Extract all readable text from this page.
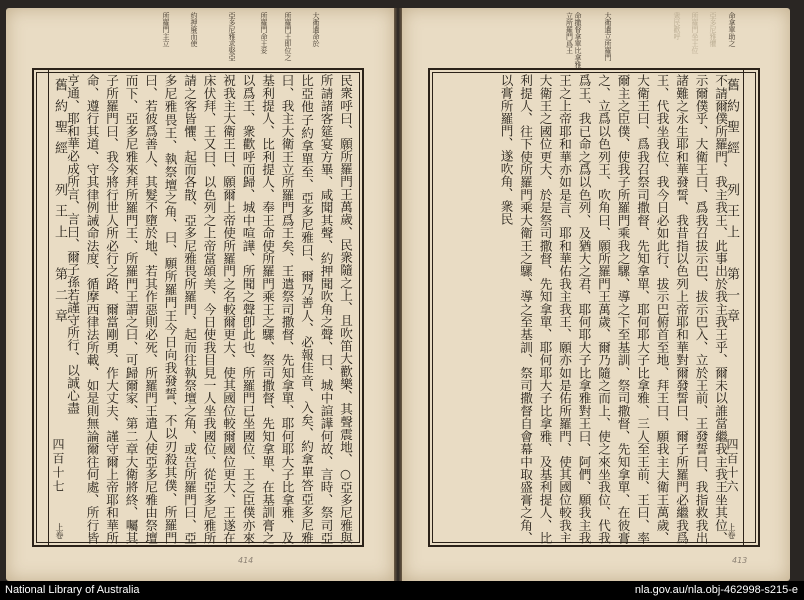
所羅門主立	約押廢而使	亞多尼雅求娶亞	所羅門命王妥	所羅門王即位之	大衛遺命於
舊約聖經　列王上　第二章
四百十七
上卷	民衆呼曰、願所羅門王萬歲、民衆隨之上、且吹笛大歡樂、其聲震地、○亞多尼雅與所請諸客筵宴方畢、咸聞其聲、約押聞吹角之聲、曰、城中諠譁何故、言時、祭司亞比亞他子約拿單至、亞多尼雅曰、爾乃善人、必報佳音、入矣、約拿單答亞多尼雅曰、我主大衛王立所羅門爲王矣、王遣祭司撒督、先知拿單、耶何耶大子比拿雅、及基利提人、比利提人、奉王命使所羅門乘王之騾、祭司撒督、先知拿單、在基訓膏之以爲王、衆歡呼而歸、城中喧譁、所聞之聲卽此也、所羅門已坐國位、王之臣僕亦來祝我主大衛王曰、願爾上帝使所羅門之名較爾更大、使其國位較爾國位更大、王遂在床伏拜、王又曰、以色列之上帝當頌美、今日使我目見一人坐我國位、從亞多尼雅所請之客皆懼、起而各散、亞多尼雅畏所羅門、起而往執祭壇之角、或告所羅門曰、亞多尼雅畏王、執祭壇之角、曰、願所羅門王今日向我發誓、不以刃殺其僕、所羅門曰、若彼爲善人、其髮不墮於地、若其作惡則必死、所羅門王遣人使亞多尼雅由祭壇而下、亞多尼雅來拜所羅門王、所羅門王謂之曰、可歸爾家、第二章大衛將終、囑其子所羅門曰、我今將行世人所必行之路、爾當剛勇、作大丈夫、謹守爾上帝耶和華所命、遵行其道、守其律例誡命法度、循摩西律法所載、如是則無論爾往何處、所行皆亨通、耶和華必成所言、言曰、爾子孫若謹守所行、以誠心盡
414
衆民歡呼	所羅門坐王位	亞多尼雅懼
大衛遺立所羅門
命撒督拿單比拿雅立所羅門爲王	命拿單助之
舊約聖經　列王上　第一章
四百十六
上卷
不請爾僕所羅門、我主我王、此事出於我主我王乎、爾未以誰當繼我主我王坐其位、示爾僕乎、大衛王曰、爲我召拔示巴、拔示巴入、立於王前、王發誓曰、我指救我出諸難之永生耶和華發誓、我昔指以色列上帝耶和華對爾發誓曰、爾子所羅門必繼我爲王、代我坐我位、我今日必如此行、拔示巴俯首至地、拜王曰、願我主大衛王萬歲、大衛王曰、爲我召祭司撒督、先知拿單、耶何耶大子比拿雅、三人至王前、王曰、率爾主之臣僕、使我子所羅門乘我之騾、導之下至基訓、祭司撒督、先知拿單、在彼膏之、立爲以色列王、吹角曰、願所羅門王萬歲、爾乃隨之而上、使之來坐我位、代我爲王、我已命之爲以色列、及猶大之君、耶何耶大子比拿雅對王曰、阿們、願我主我王之上帝耶和華亦如是言、耶和華佑我主我王、願亦如是佑所羅門、使其國位較我主大衛王之國位更大、於是祭司撒督、先知拿單、耶何耶大子比拿雅、及基利提人、比利提人、往下使所羅門乘大衛王之騾、導之至基訓、祭司撒督自會幕中取盛膏之角、以膏所羅門、遂吹角、衆民
413
National Library of Australia	nla.gov.au/nla.obj-462998-s215-e
